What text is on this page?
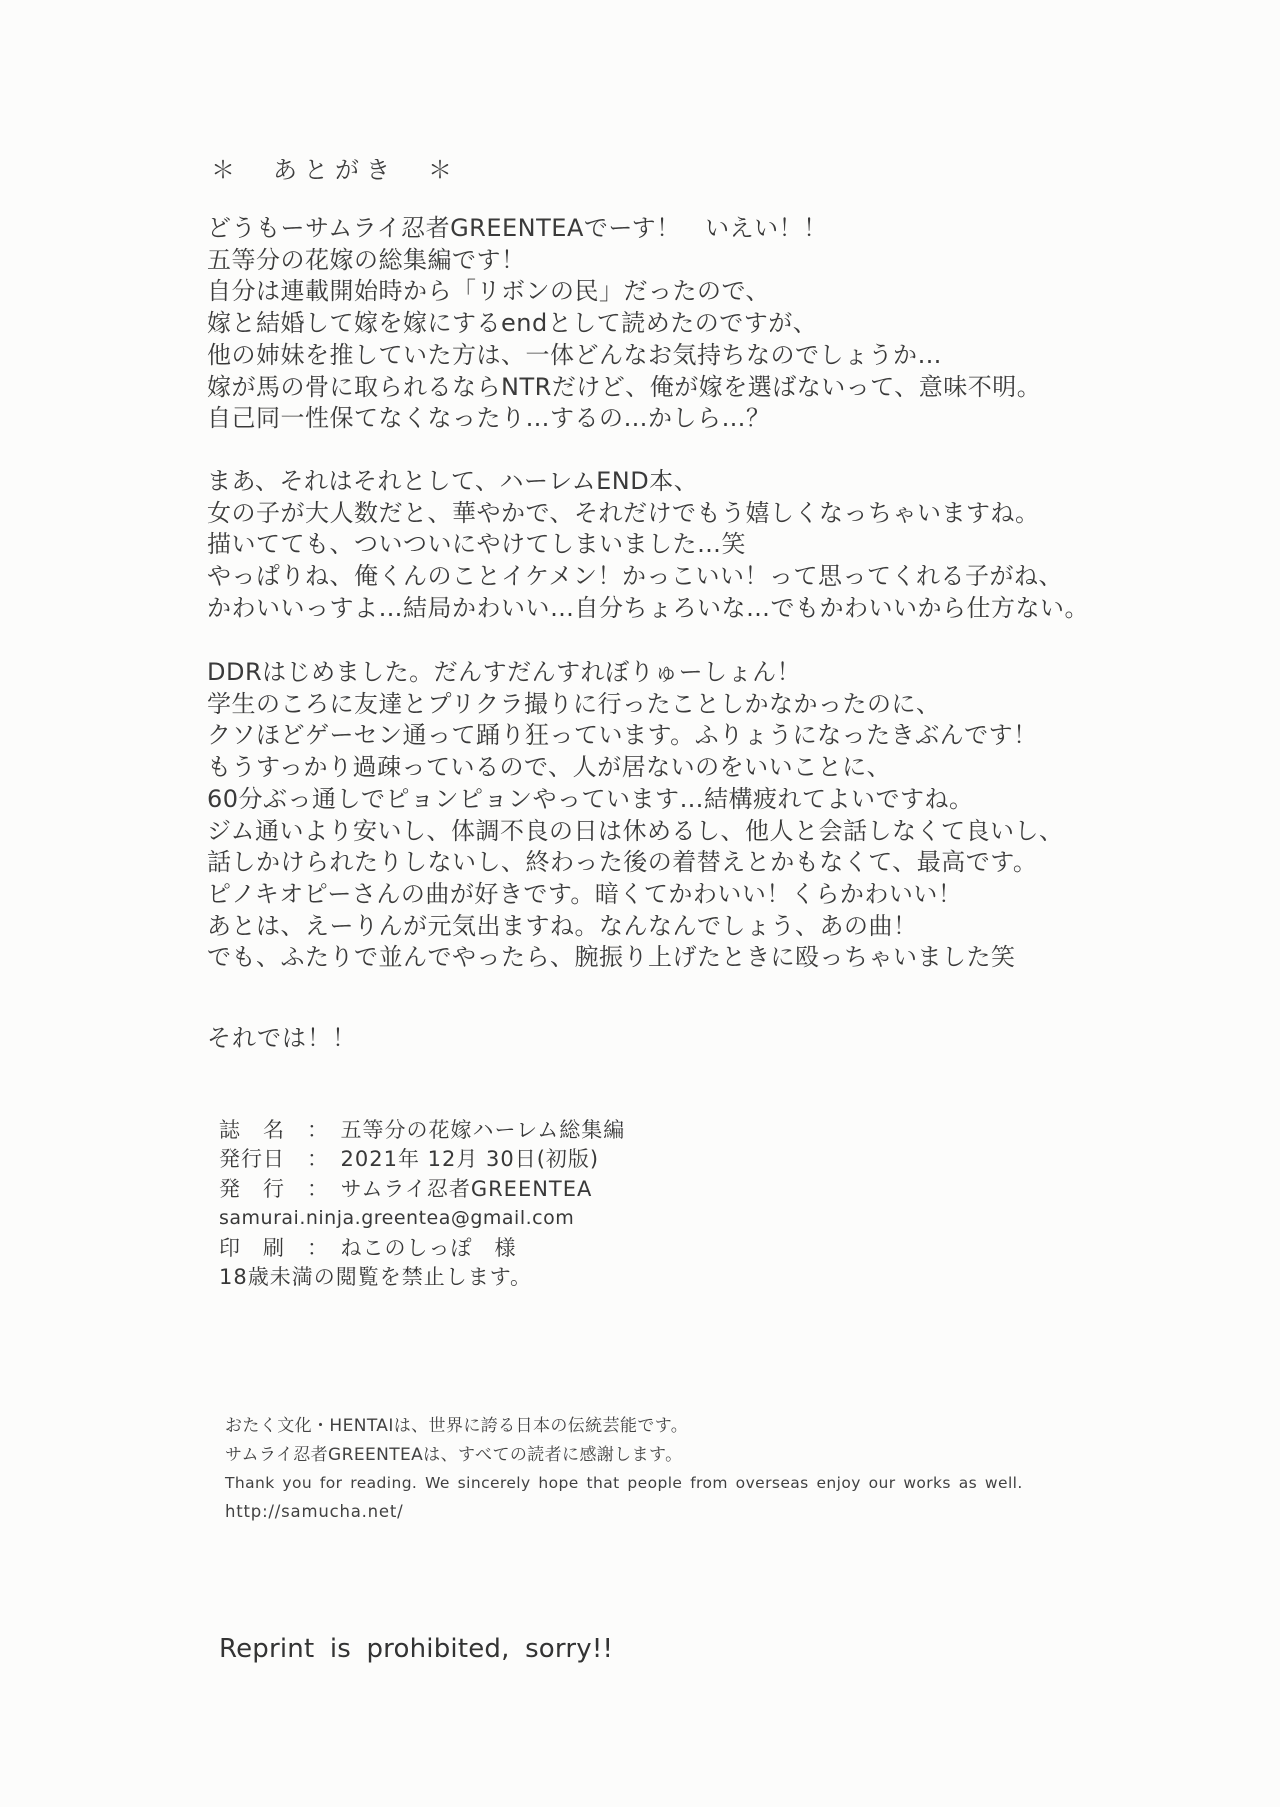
＊　あとがき　＊
どうもーサムライ忍者GREENTEAでーす！　いえい！！
五等分の花嫁の総集編です！
自分は連載開始時から「リボンの民」だったので、
嫁と結婚して嫁を嫁にするendとして読めたのですが、
他の姉妹を推していた方は、一体どんなお気持ちなのでしょうか…
嫁が馬の骨に取られるならNTRだけど、俺が嫁を選ばないって、意味不明。
自己同一性保てなくなったり…するの…かしら…？
まあ、それはそれとして、ハーレムEND本、
女の子が大人数だと、華やかで、それだけでもう嬉しくなっちゃいますね。
描いてても、ついついにやけてしまいました…笑
やっぱりね、俺くんのことイケメン！かっこいい！って思ってくれる子がね、
かわいいっすよ…結局かわいい…自分ちょろいな…でもかわいいから仕方ない。
DDRはじめました。だんすだんすれぼりゅーしょん！
学生のころに友達とプリクラ撮りに行ったことしかなかったのに、
クソほどゲーセン通って踊り狂っています。ふりょうになったきぶんです！
もうすっかり過疎っているので、人が居ないのをいいことに、
60分ぶっ通しでピョンピョンやっています…結構疲れてよいですね。
ジム通いより安いし、体調不良の日は休めるし、他人と会話しなくて良いし、
話しかけられたりしないし、終わった後の着替えとかもなくて、最高です。
ピノキオピーさんの曲が好きです。暗くてかわいい！くらかわいい！
あとは、えーりんが元気出ますね。なんなんでしょう、あの曲！
でも、ふたりで並んでやったら、腕振り上げたときに殴っちゃいました笑
それでは！！
誌　名　：　五等分の花嫁ハーレム総集編
発行日　：　2021年 12月 30日(初版)
発　行　：　サムライ忍者GREENTEA
samurai.ninja.greentea@gmail.com
印　刷　：　ねこのしっぽ　様
18歳未満の閲覧を禁止します。
おたく文化・HENTAIは、世界に誇る日本の伝統芸能です。
サムライ忍者GREENTEAは、すべての読者に感謝します。
Thank you for reading. We sincerely hope that people from overseas enjoy our works as well.
http://samucha.net/
Reprint is prohibited, sorry!!
